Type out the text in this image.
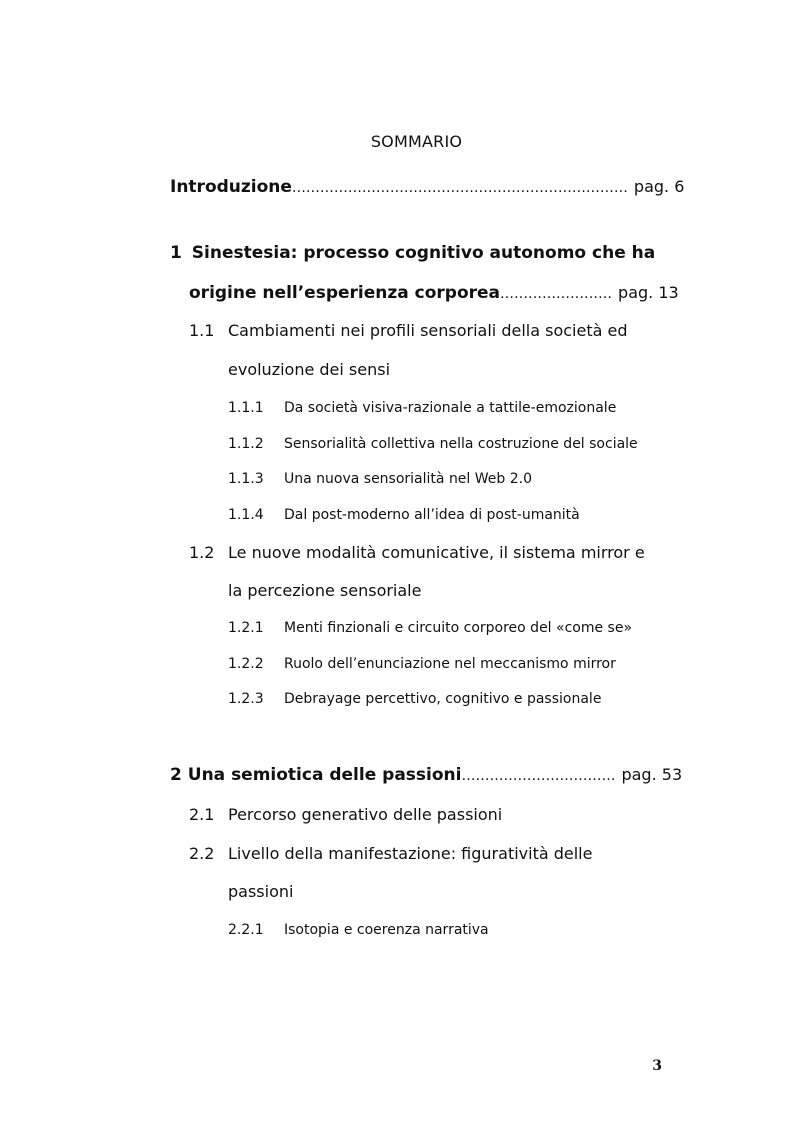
SOMMARIO
Introduzione……………………………………………………………… pag. 6
1 Sinestesia: processo cognitivo autonomo che ha
origine nell’esperienza corporea…………………… pag. 13
1.1 Cambiamenti nei profili sensoriali della società ed
evoluzione dei sensi
1.1.1 Da società visiva-razionale a tattile-emozionale
1.1.2 Sensorialità collettiva nella costruzione del sociale
1.1.3 Una nuova sensorialità nel Web 2.0
1.1.4 Dal post-moderno all’idea di post-umanità
1.2 Le nuove modalità comunicative, il sistema mirror e
la percezione sensoriale
1.2.1 Menti finzionali e circuito corporeo del «come se»
1.2.2 Ruolo dell’enunciazione nel meccanismo mirror
1.2.3 Debrayage percettivo, cognitivo e passionale
2 Una semiotica delle passioni…………………………… pag. 53
2.1 Percorso generativo delle passioni
2.2 Livello della manifestazione: figuratività delle
passioni
2.2.1 Isotopia e coerenza narrativa
3
